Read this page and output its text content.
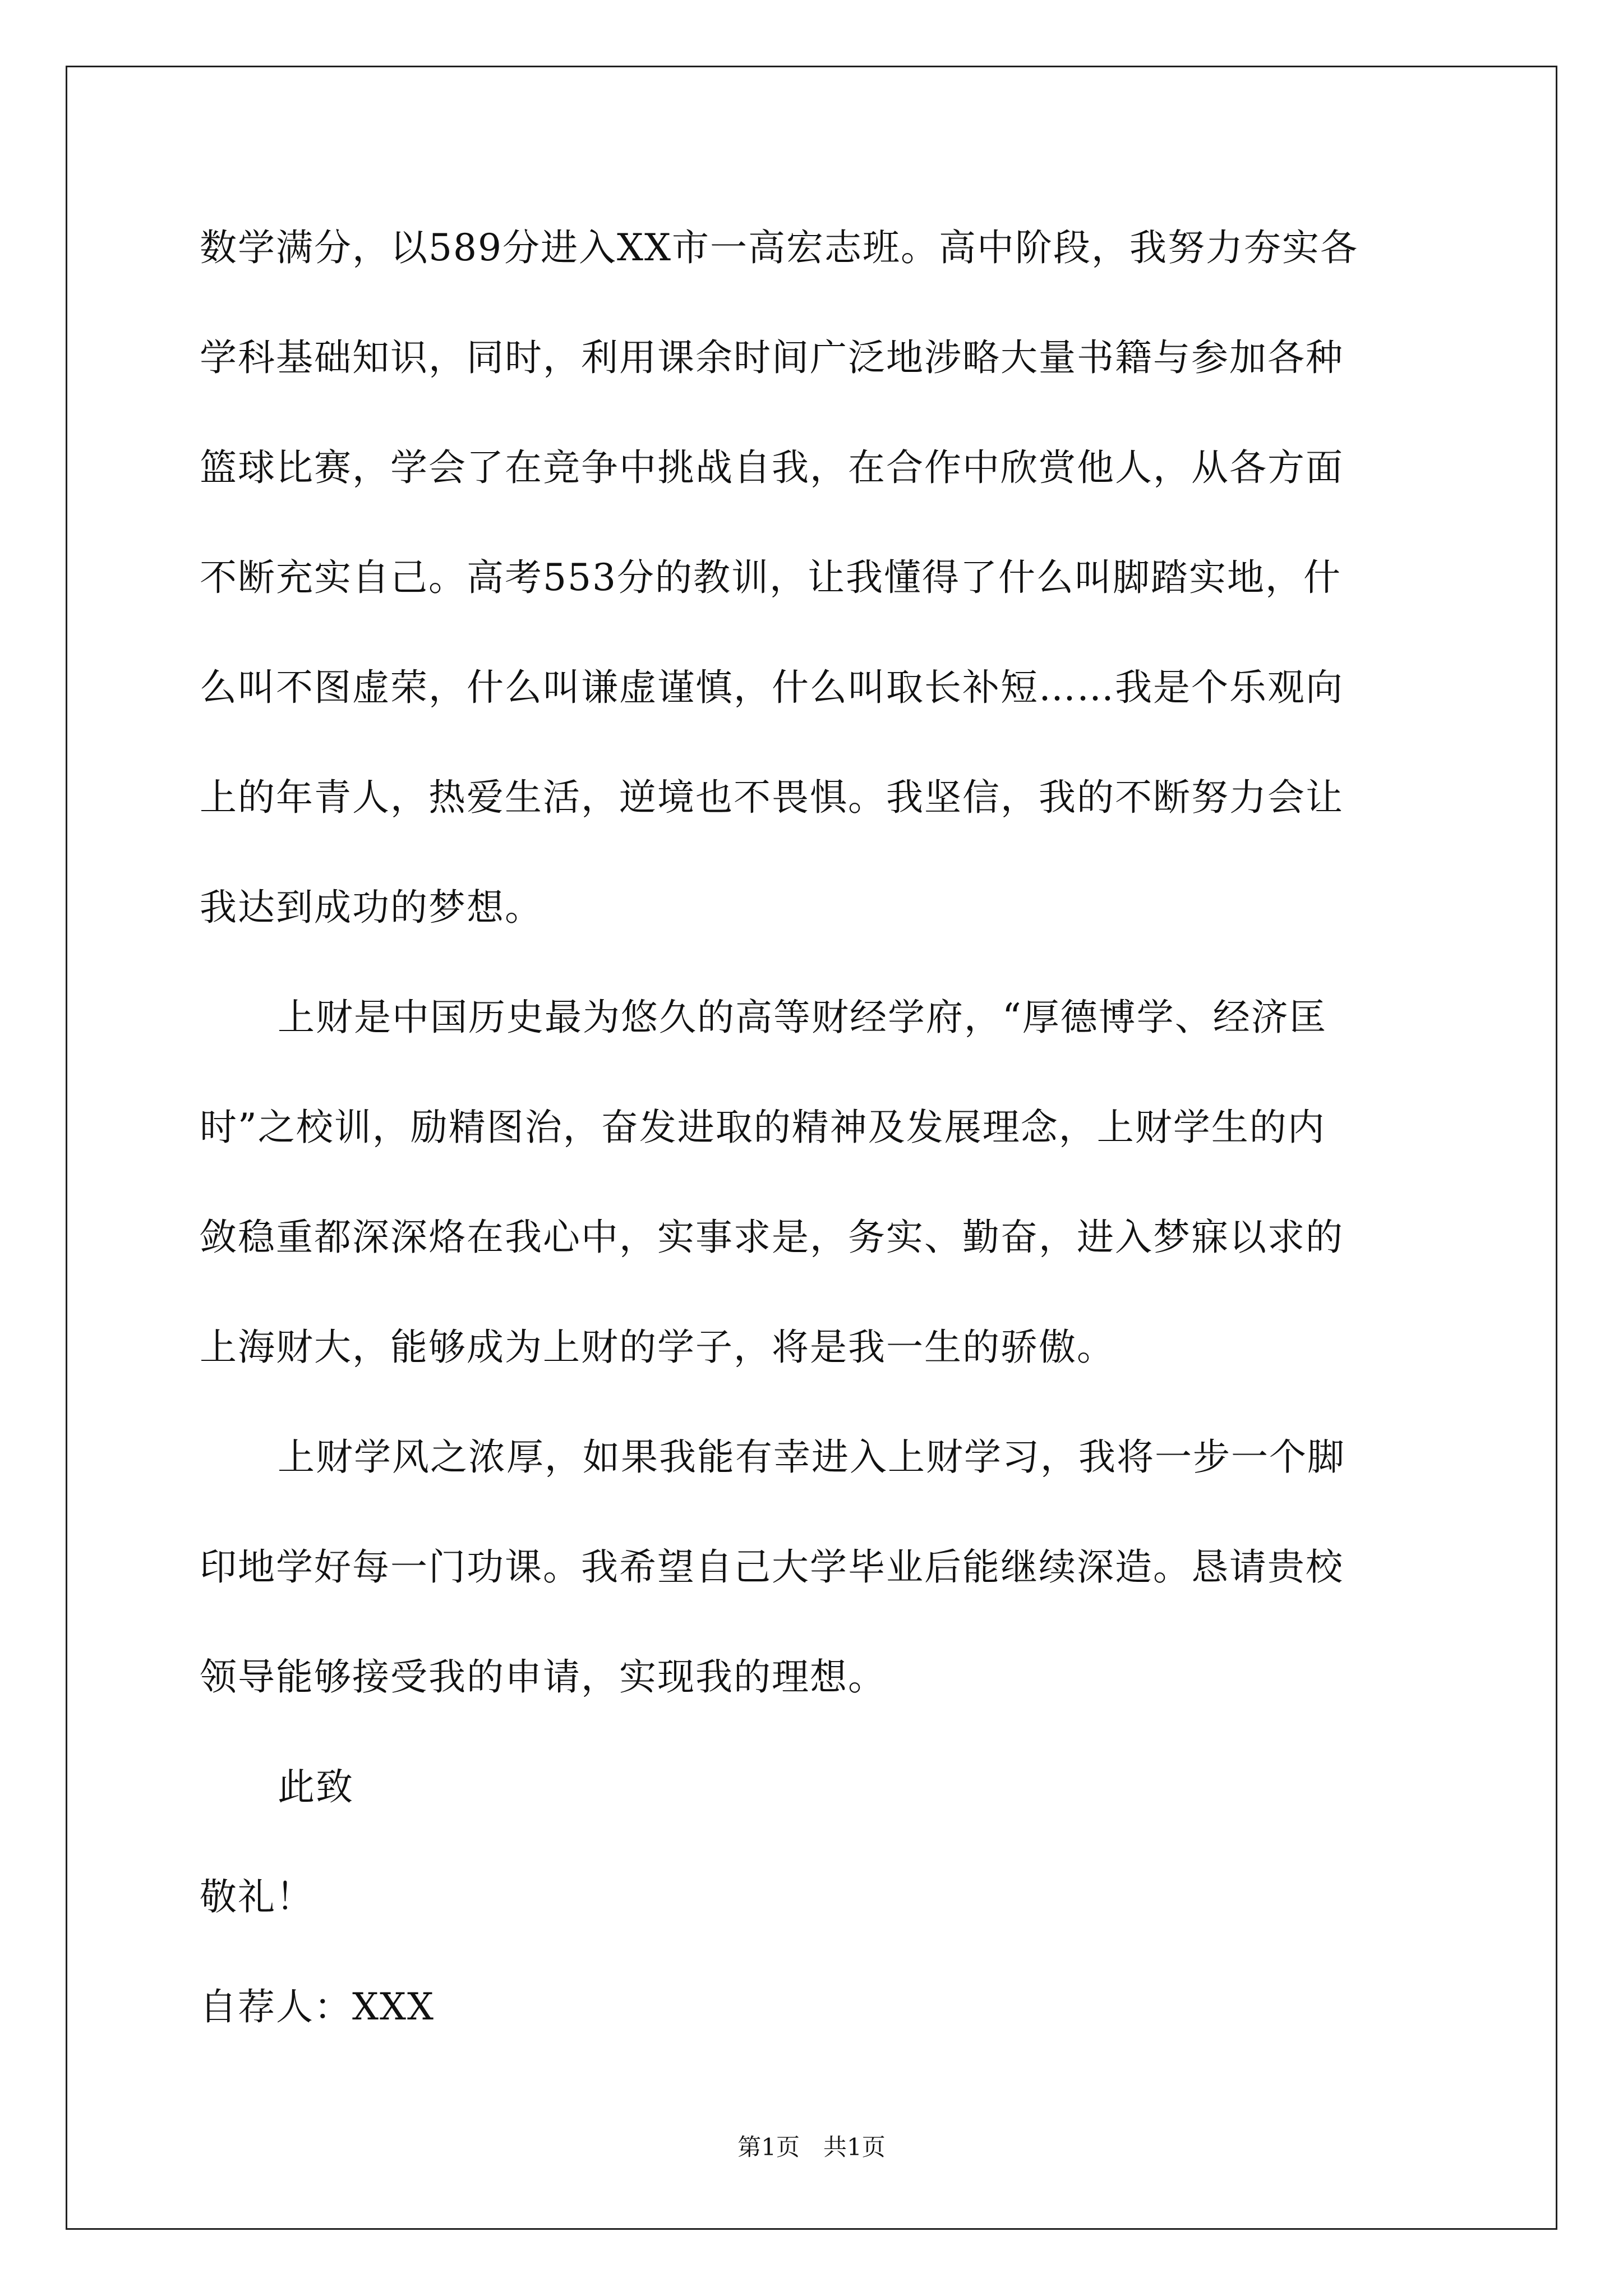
数学满分，以589分进入XX市一高宏志班。高中阶段，我努力夯实各
学科基础知识，同时，利用课余时间广泛地涉略大量书籍与参加各种
篮球比赛，学会了在竞争中挑战自我，在合作中欣赏他人，从各方面
不断充实自己。高考553分的教训，让我懂得了什么叫脚踏实地，什
么叫不图虚荣，什么叫谦虚谨慎，什么叫取长补短……我是个乐观向
上的年青人，热爱生活，逆境也不畏惧。我坚信，我的不断努力会让
我达到成功的梦想。
上财是中国历史最为悠久的高等财经学府，“厚德博学、经济匡
时”之校训，励精图治，奋发进取的精神及发展理念，上财学生的内
敛稳重都深深烙在我心中，实事求是，务实、勤奋，进入梦寐以求的
上海财大，能够成为上财的学子，将是我一生的骄傲。
上财学风之浓厚，如果我能有幸进入上财学习，我将一步一个脚
印地学好每一门功课。我希望自己大学毕业后能继续深造。恳请贵校
领导能够接受我的申请，实现我的理想。
此致
敬礼！
自荐人：XXX
第1页　共1页
